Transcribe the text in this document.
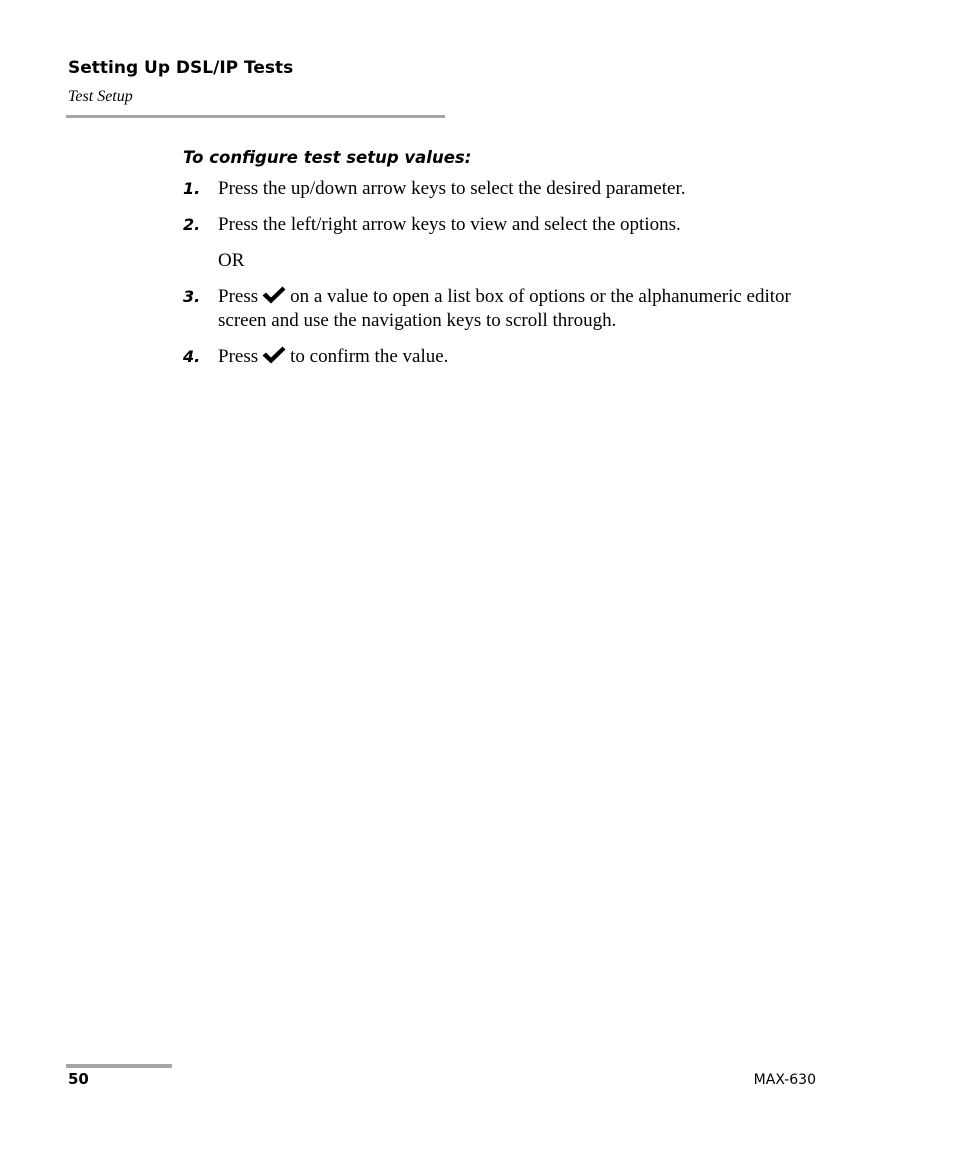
Setting Up DSL/IP Tests
Test Setup
To configure test setup values:
1. Press the up/down arrow keys to select the desired parameter.
2. Press the left/right arrow keys to view and select the options.
OR
3. Press on a value to open a list box of options or the alphanumeric editor screen and use the navigation keys to scroll through.
4. Press to confirm the value.
50	MAX-630
